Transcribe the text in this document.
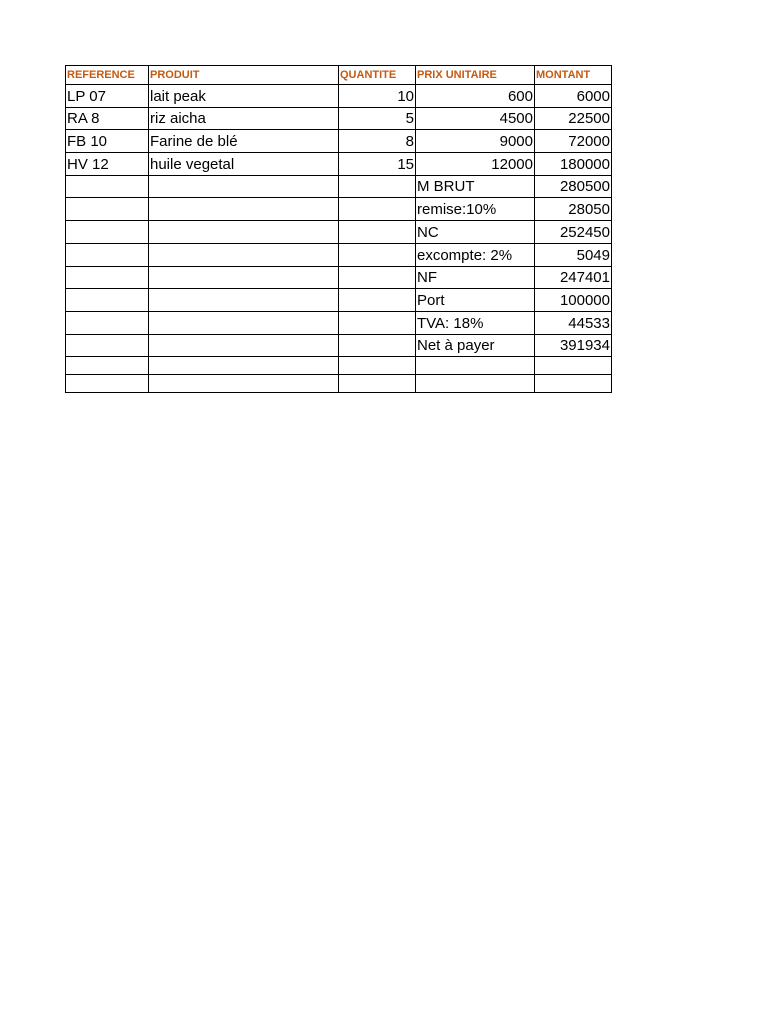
REFERENCE	PRODUIT	QUANTITE	PRIX UNITAIRE	MONTANT
LP 07	lait peak	10	600	6000
RA 8	riz aicha	5	4500	22500
FB 10	Farine de blé	8	9000	72000
HV 12	huile vegetal	15	12000	180000
			M BRUT	280500
			remise:10%	28050
			NC	252450
			excompte: 2%	5049
			NF	247401
			Port	100000
			TVA: 18%	44533
			Net à payer	391934
